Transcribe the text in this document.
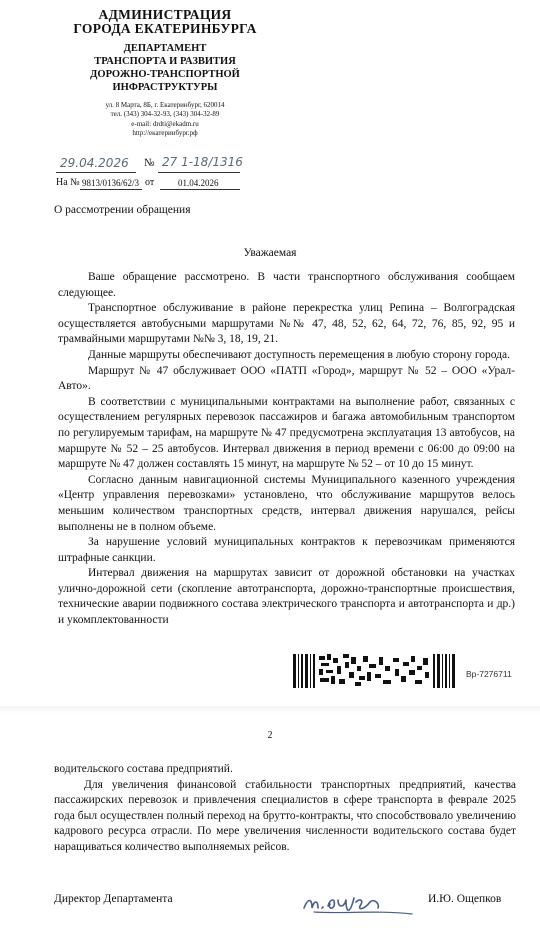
АДМИНИСТРАЦИЯ
ГОРОДА ЕКАТЕРИНБУРГА
ДЕПАРТАМЕНТ
ТРАНСПОРТА И РАЗВИТИЯ
ДОРОЖНО-ТРАНСПОРТНОЙ
ИНФРАСТРУКТУРЫ
ул. 8 Марта, 8Б, г. Екатеринбург, 620014
тел. (343) 304-32-93, (343) 304-32-89
e-mail: drdti@ekadm.ru
http://екатеринбург.рф
29.04.2026 № 27 1-18/1316
На № 9813/0136/62/3 от	01.04.2026
О рассмотрении обращения
Уважаемая

Ваше обращение рассмотрено. В части транспортного обслуживания сообщаем следующее.

Транспортное обслуживание в районе перекрестка улиц Репина – Волгоградская осуществляется автобусными маршрутами №№ 47, 48, 52, 62, 64, 72, 76, 85, 92, 95 и трамвайными маршрутами №№ 3, 18, 19, 21.

Данные маршруты обеспечивают доступность перемещения в любую сторону города.

Маршрут № 47 обслуживает ООО «ПАТП «Город», маршрут № 52 – ООО «Урал-Авто».

В соответствии с муниципальными контрактами на выполнение работ, связанных с осуществлением регулярных перевозок пассажиров и багажа автомобильным транспортом по регулируемым тарифам, на маршруте № 47 предусмотрена эксплуатация 13 автобусов, на маршруте № 52 – 25 автобусов. Интервал движения в период времени с 06:00 до 09:00 на маршруте № 47 должен составлять 15 минут, на маршруте № 52 – от 10 до 15 минут.

Согласно данным навигационной системы Муниципального казенного учреждения «Центр управления перевозками» установлено, что обслуживание маршрутов велось меньшим количеством транспортных средств, интервал движения нарушался, рейсы выполнены не в полном объеме.

За нарушение условий муниципальных контрактов к перевозчикам применяются штрафные санкции.

Интервал движения на маршрутах зависит от дорожной обстановки на участках улично-дорожной сети (скопление автотранспорта, дорожно-транспортные происшествия, технические аварии подвижного состава электрического транспорта и автотранспорта и др.) и укомплектованности

Вр-7276711
2

водительского состава предприятий.

Для увеличения финансовой стабильности транспортных предприятий, качества пассажирских перевозок и привлечения специалистов в сфере транспорта в феврале 2025 года был осуществлен полный переход на брутто-контракты, что способствовало увеличению кадрового ресурса отрасли. По мере увеличения численности водительского состава будет наращиваться количество выполняемых рейсов.

Директор Департамента	И.Ю. Ощепков
